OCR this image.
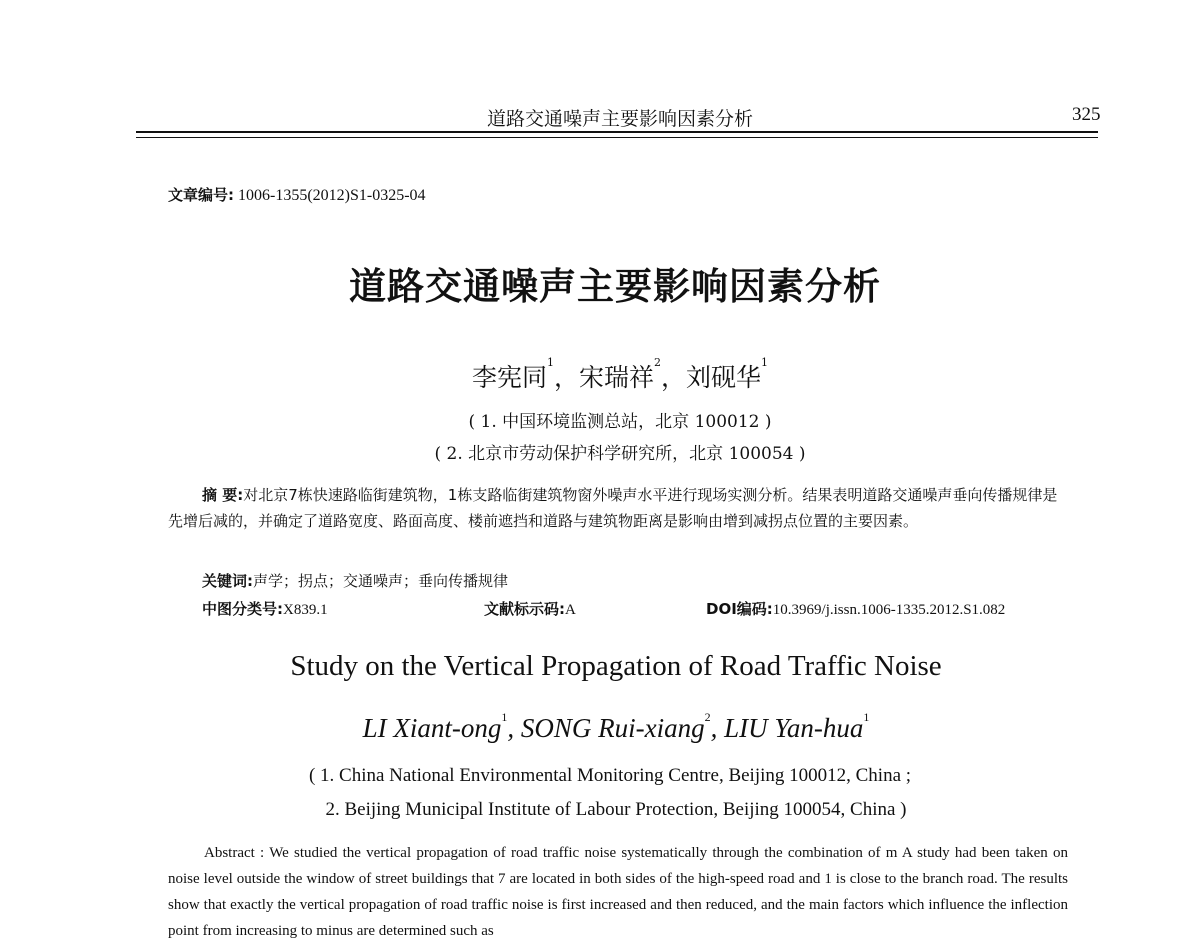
道路交通噪声主要影响因素分析	325
文章编号: 1006-1355(2012)S1-0325-04
道路交通噪声主要影响因素分析
李宪同$^1$，宋瑞祥$^2$，刘砚华$^1$
( 1. 中国环境监测总站，北京 100012 )
( 2. 北京市劳动保护科学研究所，北京 100054 )
摘 要:对北京7栋快速路临街建筑物，1栋支路临街建筑物窗外噪声水平进行现场实测分析。结果表明道路交通噪声垂向传播规律是先增后减的，并确定了道路宽度、路面高度、楼前遮挡和道路与建筑物距离是影响由增到减拐点位置的主要因素。
关键词:声学；拐点；交通噪声；垂向传播规律
中图分类号:X839.1	文献标示码:A	DOI编码:10.3969/j.issn.1006-1335.2012.S1.082
Study on the Vertical Propagation of Road Traffic Noise
LI Xiant-ong$^1$, SONG Rui-xiang$^2$, LIU Yan-hua$^1$
( 1. China National Environmental Monitoring Centre, Beijing 100012, China ;
2. Beijing Municipal Institute of Labour Protection, Beijing 100054, China )
Abstract : We studied the vertical propagation of road traffic noise systematically through the combination of m A study had been taken on noise level outside the window of street buildings that 7 are located in both sides of the high-speed road and 1 is close to the branch road. The results show that exactly the vertical propagation of road traffic noise is first increased and then reduced, and the main factors which influence the inflection point from increasing to minus are determined such as
